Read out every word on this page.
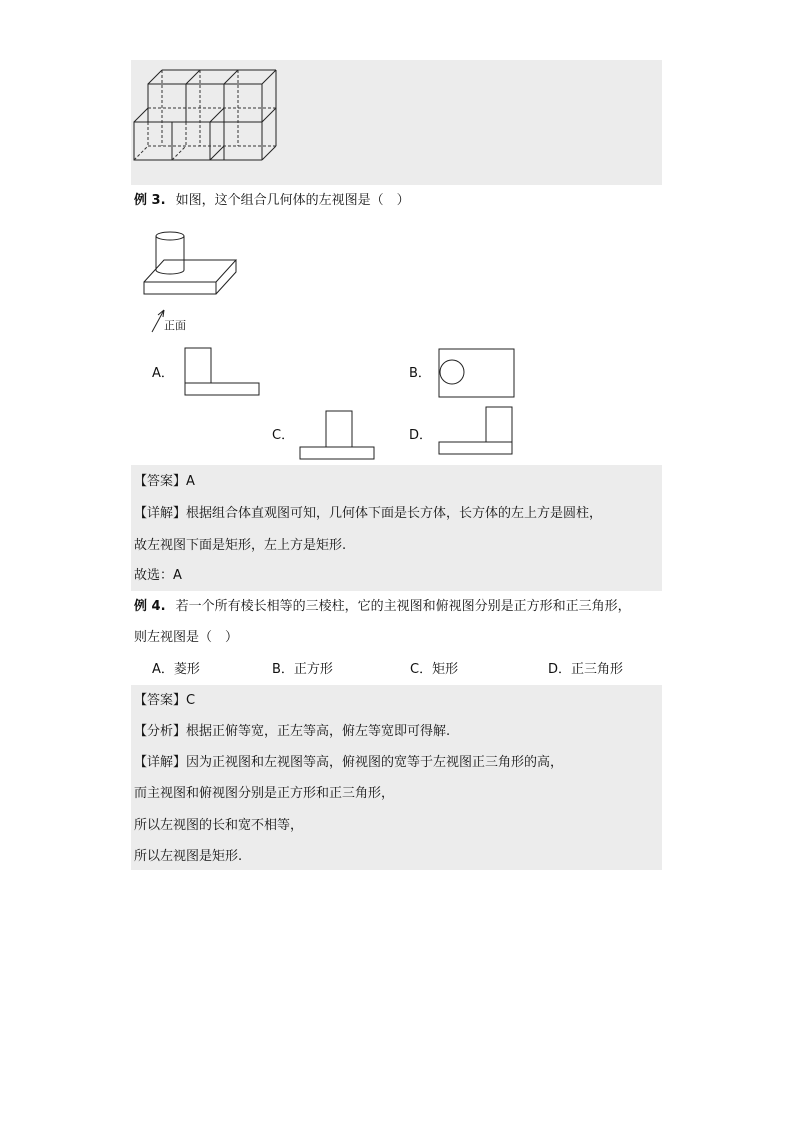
例 3. 如图，这个组合几何体的左视图是（　）
正面
A．	B．
C．	D．
【答案】A
【详解】根据组合体直观图可知，几何体下面是长方体，长方体的左上方是圆柱，
故左视图下面是矩形，左上方是矩形.
故选：A
例 4. 若一个所有棱长相等的三棱柱，它的主视图和俯视图分别是正方形和正三角形，
则左视图是（　）
A．菱形	B．正方形	C．矩形	D．正三角形
【答案】C
【分析】根据正俯等宽，正左等高，俯左等宽即可得解.
【详解】因为正视图和左视图等高，俯视图的宽等于左视图正三角形的高，
而主视图和俯视图分别是正方形和正三角形，
所以左视图的长和宽不相等，
所以左视图是矩形.
